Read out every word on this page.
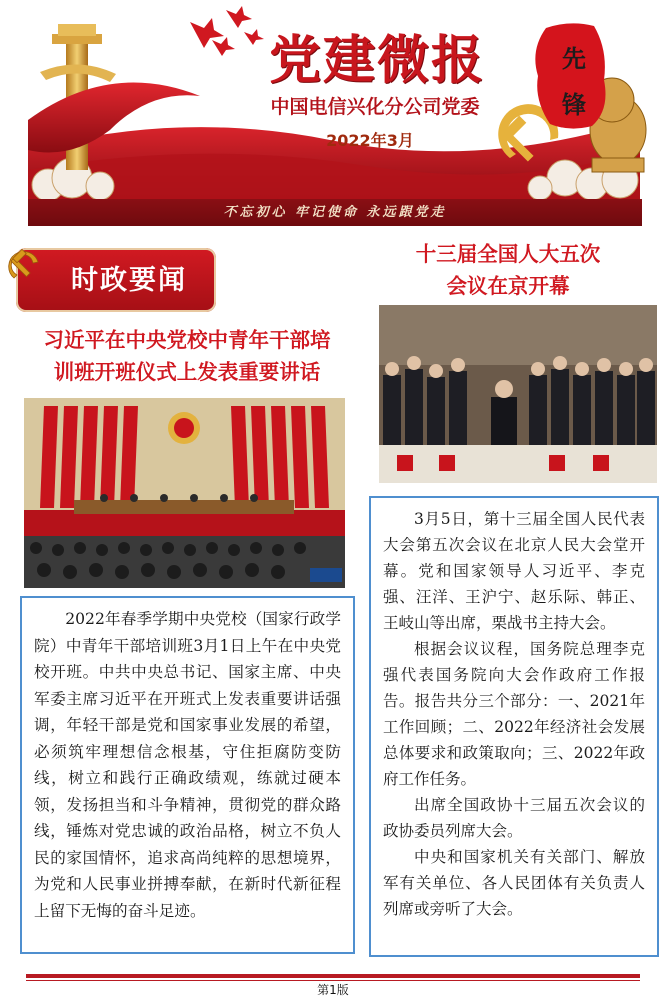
党建微报
中国电信兴化分公司党委
2022年3月
先
锋
不忘初心 牢记使命 永远跟党走
时政要闻
习近平在中央党校中青年干部培
训班开班仪式上发表重要讲话
十三届全国人大五次
会议在京开幕

2022年春季学期中央党校（国家行政学院）中青年干部培训班3月1日上午在中央党校开班。中共中央总书记、国家主席、中央军委主席习近平在开班式上发表重要讲话强调，年轻干部是党和国家事业发展的希望，必须筑牢理想信念根基，守住拒腐防变防线，树立和践行正确政绩观，练就过硬本领，发扬担当和斗争精神，贯彻党的群众路线，锤炼对党忠诚的政治品格，树立不负人民的家国情怀，追求高尚纯粹的思想境界，为党和人民事业拼搏奉献，在新时代新征程上留下无悔的奋斗足迹。

3月5日，第十三届全国人民代表大会第五次会议在北京人民大会堂开幕。党和国家领导人习近平、李克强、汪洋、王沪宁、赵乐际、韩正、王岐山等出席，栗战书主持大会。

根据会议议程，国务院总理李克强代表国务院向大会作政府工作报告。报告共分三个部分：一、2021年工作回顾；二、2022年经济社会发展总体要求和政策取向；三、2022年政府工作任务。

出席全国政协十三届五次会议的政协委员列席大会。

中央和国家机关有关部门、解放军有关单位、各人民团体有关负责人列席或旁听了大会。

第1版
